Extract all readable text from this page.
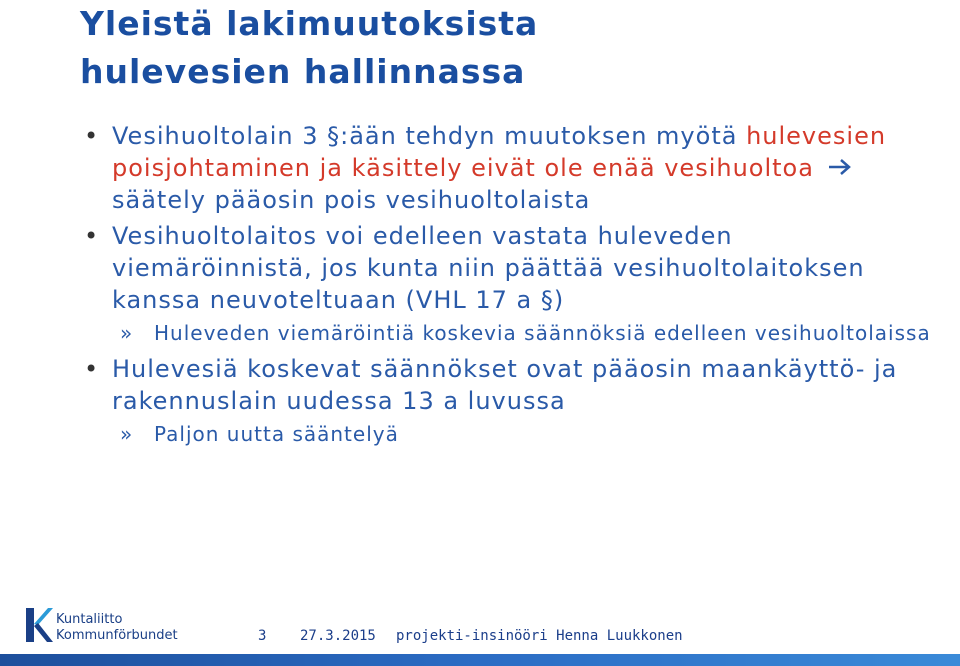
Yleistä lakimuutoksista
hulevesien hallinnassa
• Vesihuoltolain 3 §:ään tehdyn muutoksen myötä hulevesien poisjohtaminen ja käsittely eivät ole enää vesihuoltoa  säätely pääosin pois vesihuoltolaista
• Vesihuoltolaitos voi edelleen vastata huleveden viemäröinnistä, jos kunta niin päättää vesihuoltolaitoksen kanssa neuvoteltuaan (VHL 17 a §)
» Huleveden viemäröintiä koskevia säännöksiä edelleen vesihuoltolaissa
• Hulevesiä koskevat säännökset ovat pääosin maankäyttö- ja rakennuslain uudessa 13 a luvussa
» Paljon uutta sääntelyä
Kuntaliitto
Kommunförbundet	3 27.3.2015 projekti-insinööri Henna Luukkonen
